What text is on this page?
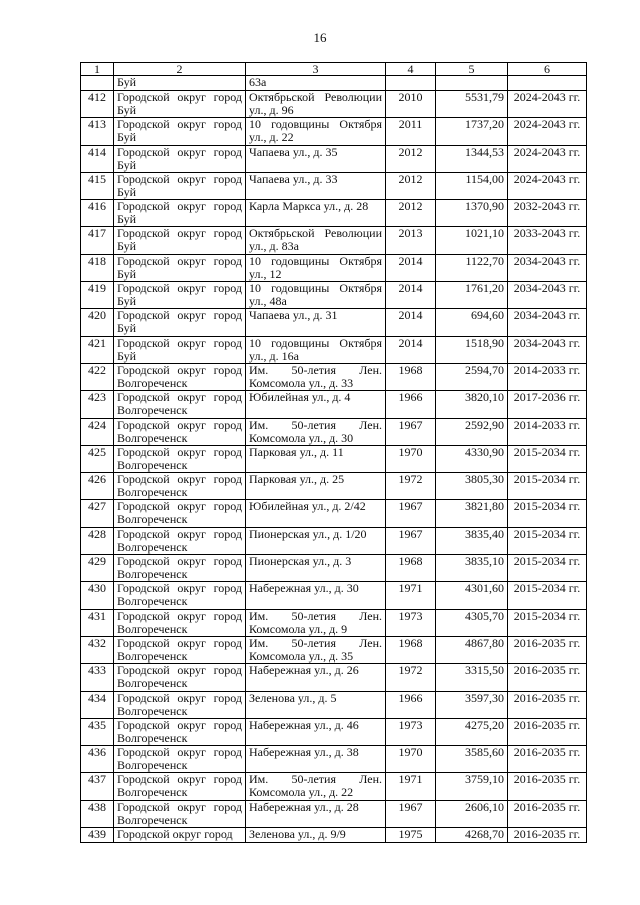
16
1	2	3	4	5	6
	Буй	63а			
412	Городской округ город Буй	Октябрьской Революции ул., д. 96	2010	5531,79	2024-2043 гг.
413	Городской округ город Буй	10 годовщины Октября ул., д. 22	2011	1737,20	2024-2043 гг.
414	Городской округ город Буй	Чапаева ул., д. 35	2012	1344,53	2024-2043 гг.
415	Городской округ город Буй	Чапаева ул., д. 33	2012	1154,00	2024-2043 гг.
416	Городской округ город Буй	Карла Маркса ул., д. 28	2012	1370,90	2032-2043 гг.
417	Городской округ город Буй	Октябрьской Революции ул., д. 83а	2013	1021,10	2033-2043 гг.
418	Городской округ город Буй	10 годовщины Октября ул., 12	2014	1122,70	2034-2043 гг.
419	Городской округ город Буй	10 годовщины Октября ул., 48а	2014	1761,20	2034-2043 гг.
420	Городской округ город Буй	Чапаева ул., д. 31	2014	694,60	2034-2043 гг.
421	Городской округ город Буй	10 годовщины Октября ул., д. 16а	2014	1518,90	2034-2043 гг.
422	Городской округ город Волгореченск	Им. 50-летия Лен. Комсомола ул., д. 33	1968	2594,70	2014-2033 гг.
423	Городской округ город Волгореченск	Юбилейная ул., д. 4	1966	3820,10	2017-2036 гг.
424	Городской округ город Волгореченск	Им. 50-летия Лен. Комсомола ул., д. 30	1967	2592,90	2014-2033 гг.
425	Городской округ город Волгореченск	Парковая ул., д. 11	1970	4330,90	2015-2034 гг.
426	Городской округ город Волгореченск	Парковая ул., д. 25	1972	3805,30	2015-2034 гг.
427	Городской округ город Волгореченск	Юбилейная ул., д. 2/42	1967	3821,80	2015-2034 гг.
428	Городской округ город Волгореченск	Пионерская ул., д. 1/20	1967	3835,40	2015-2034 гг.
429	Городской округ город Волгореченск	Пионерская ул., д. 3	1968	3835,10	2015-2034 гг.
430	Городской округ город Волгореченск	Набережная ул., д. 30	1971	4301,60	2015-2034 гг.
431	Городской округ город Волгореченск	Им. 50-летия Лен. Комсомола ул., д. 9	1973	4305,70	2015-2034 гг.
432	Городской округ город Волгореченск	Им. 50-летия Лен. Комсомола ул., д. 35	1968	4867,80	2016-2035 гг.
433	Городской округ город Волгореченск	Набережная ул., д. 26	1972	3315,50	2016-2035 гг.
434	Городской округ город Волгореченск	Зеленова ул., д. 5	1966	3597,30	2016-2035 гг.
435	Городской округ город Волгореченск	Набережная ул., д. 46	1973	4275,20	2016-2035 гг.
436	Городской округ город Волгореченск	Набережная ул., д. 38	1970	3585,60	2016-2035 гг.
437	Городской округ город Волгореченск	Им. 50-летия Лен. Комсомола ул., д. 22	1971	3759,10	2016-2035 гг.
438	Городской округ город Волгореченск	Набережная ул., д. 28	1967	2606,10	2016-2035 гг.
439	Городской округ город	Зеленова ул., д. 9/9	1975	4268,70	2016-2035 гг.
